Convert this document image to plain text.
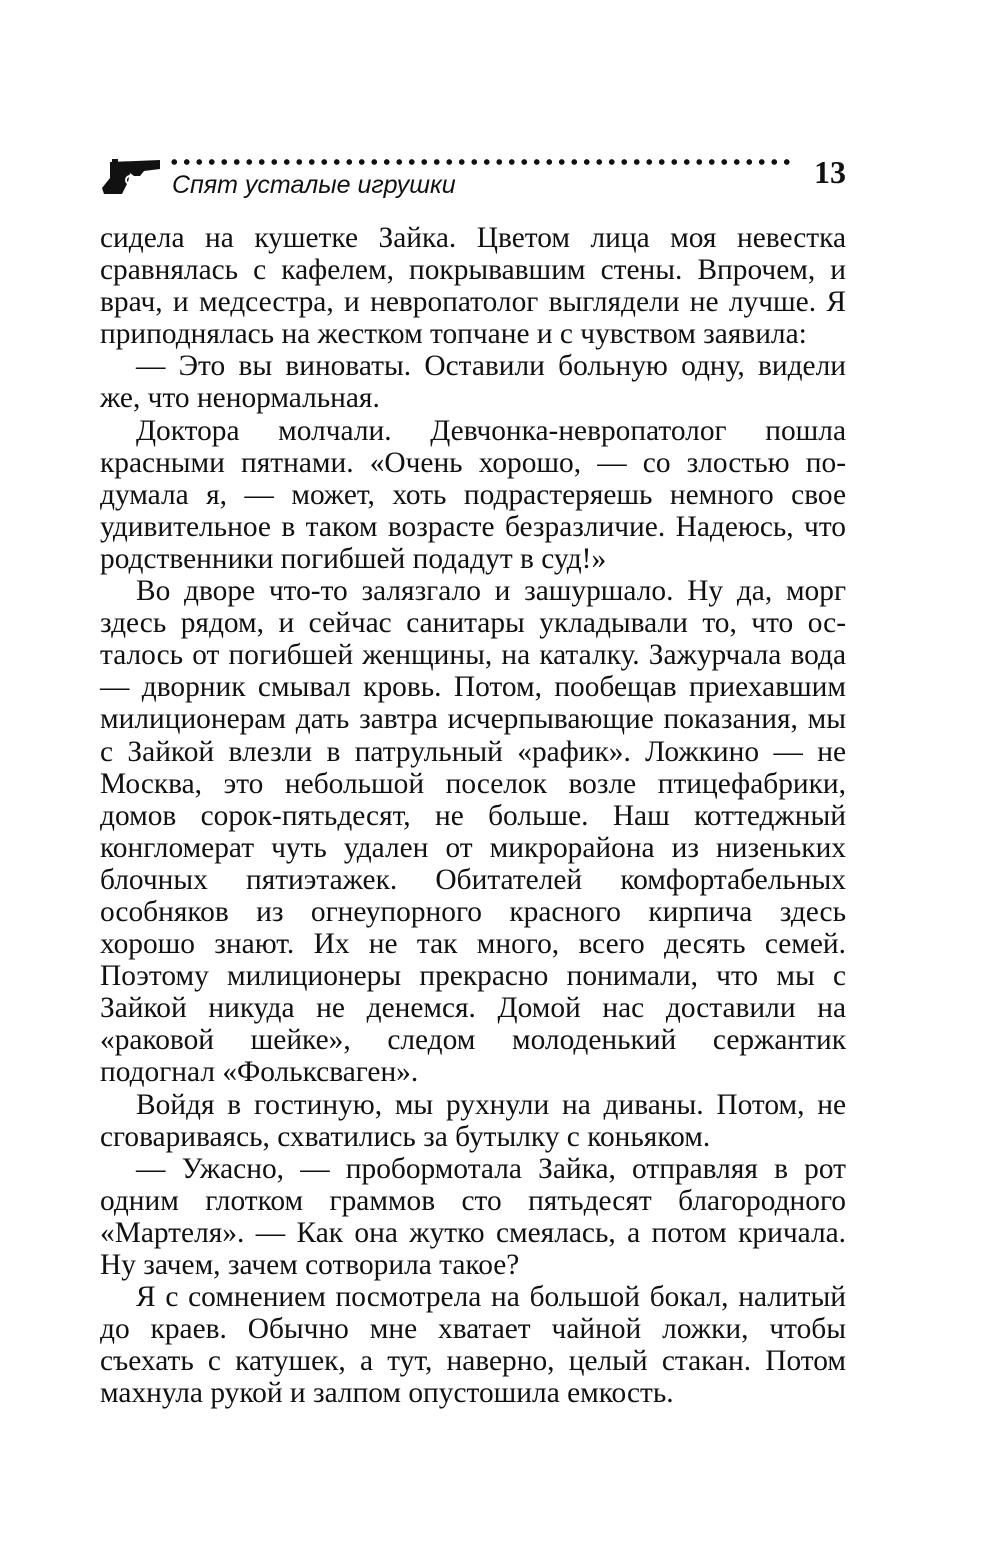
Спят усталые игрушки	13

сидела на кушетке Зайка. Цветом лица моя невестка сравнялась с кафелем, покрывавшим стены. Впрочем, и врач, и медсестра, и невропатолог выглядели не лучше. Я приподнялась на жестком топчане и с чувством заявила:

— Это вы виноваты. Оставили больную одну, видели же, что ненормальная.

Доктора молчали. Девчонка-невропатолог пошла красными пятнами. «Очень хорошо, — со злостью подумала я, — может, хоть подрастеряешь немного свое удивительное в таком возрасте безразличие. Надеюсь, что родственники погибшей подадут в суд!»

Во дворе что-то залязгало и зашуршало. Ну да, морг здесь рядом, и сейчас санитары укладывали то, что осталось от погибшей женщины, на каталку. Зажурчала вода — дворник смывал кровь. Потом, пообещав приехавшим милиционерам дать завтра исчерпывающие показания, мы с Зайкой влезли в патрульный «рафик». Ложкино — не Москва, это небольшой поселок возле птицефабрики, домов сорок-пятьдесят, не больше. Наш коттеджный конгломерат чуть удален от микрорайона из низеньких блочных пятиэтажек. Обитателей комфортабельных особняков из огнеупорного красного кирпича здесь хорошо знают. Их не так много, всего десять семей. Поэтому милиционеры прекрасно понимали, что мы с Зайкой никуда не денемся. Домой нас доставили на «раковой шейке», следом молоденький сержантик подогнал «Фольксваген».

Войдя в гостиную, мы рухнули на диваны. Потом, не сговариваясь, схватились за бутылку с коньяком.

— Ужасно, — пробормотала Зайка, отправляя в рот одним глотком граммов сто пятьдесят благородного «Мартеля». — Как она жутко смеялась, а потом кричала. Ну зачем, зачем сотворила такое?

Я с сомнением посмотрела на большой бокал, налитый до краев. Обычно мне хватает чайной ложки, чтобы съехать с катушек, а тут, наверно, целый стакан. Потом махнула рукой и залпом опустошила емкость.
